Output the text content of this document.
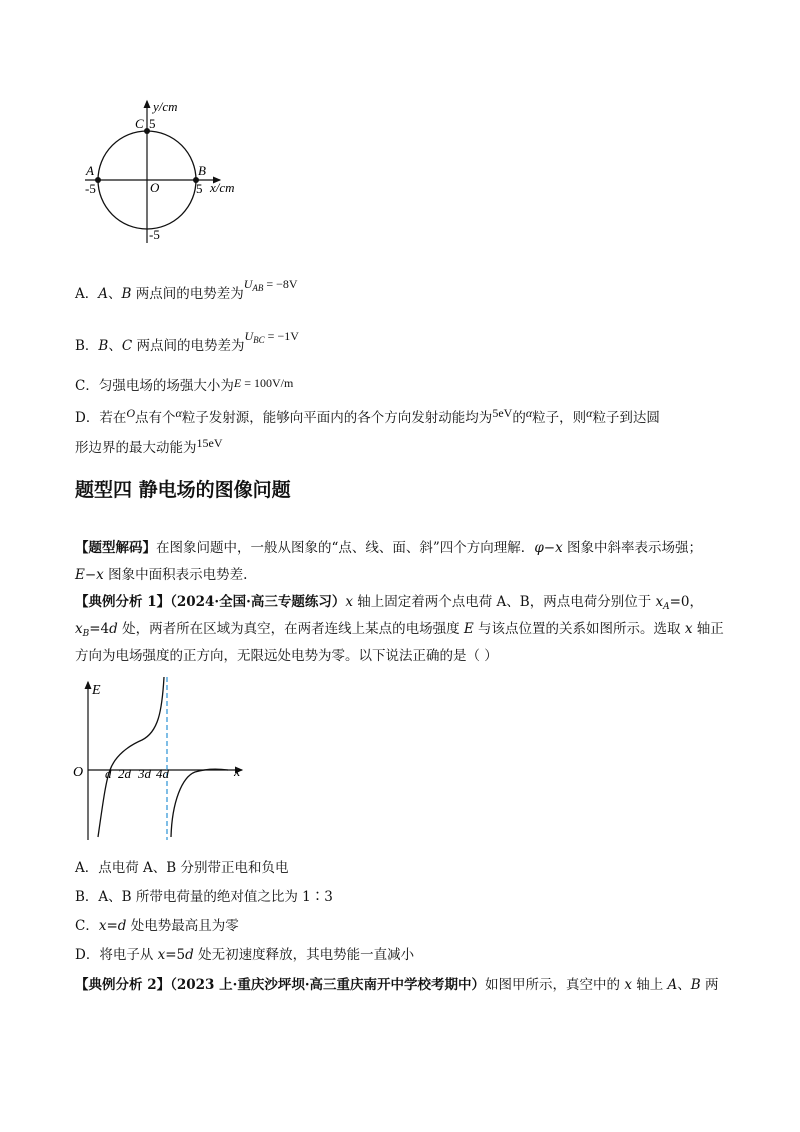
y/cm
x/cm
O
A	B
C 5
-5	5
-5
A．A、B 两点间的电势差为$U_{AB} = -8V$
B．B、C 两点间的电势差为$U_{BC} = -1V$
C．匀强电场的场强大小为E = 100V/m
D．若在O点有个α粒子发射源，能够向平面内的各个方向发射动能均为5eV的α粒子，则α粒子到达圆
形边界的最大动能为15eV
题型四 静电场的图像问题
【题型解码】在图象问题中，一般从图象的“点、线、面、斜”四个方向理解．φ−x 图象中斜率表示场强；
E−x 图象中面积表示电势差.
【典例分析 1】（2024·全国·高三专题练习）x 轴上固定着两个点电荷 A、B，两点电荷分别位于 $x_A=0$，
$x_B=4d$ 处，两者所在区域为真空，在两者连线上某点的电场强度 E 与该点位置的关系如图所示。选取 x 轴正
方向为电场强度的正方向，无限远处电势为零。以下说法正确的是（ ）
E
x
O d 2d 3d 4d
A．点电荷 A、B 分别带正电和负电
B．A、B 所带电荷量的绝对值之比为 1∶3
C．x=d 处电势最高且为零
D．将电子从 x=5d 处无初速度释放，其电势能一直减小
【典例分析 2】（2023 上·重庆沙坪坝·高三重庆南开中学校考期中）如图甲所示，真空中的 x 轴上 A、B 两
